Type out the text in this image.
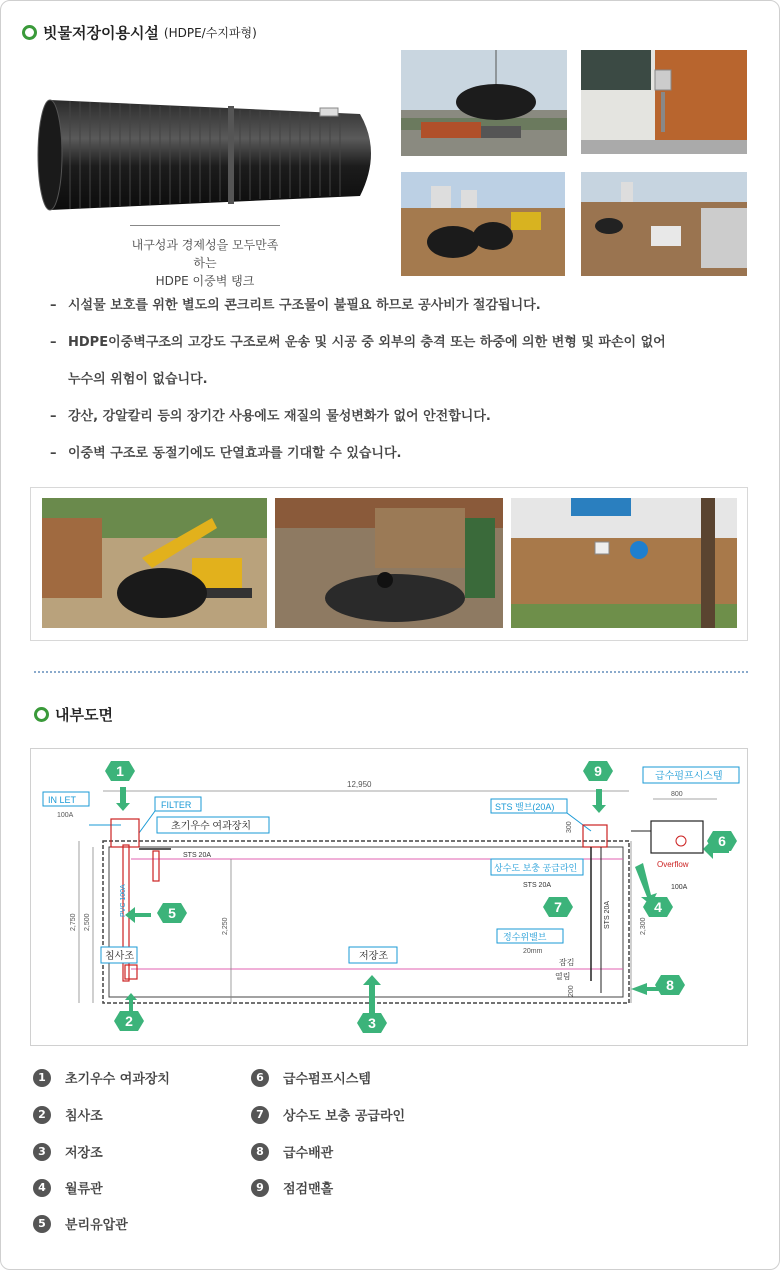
빗물저장이용시설 (HDPE/수지파형)
내구성과 경제성을 모두만족하는
HDPE 이중벽 탱크
– 시설물 보호를 위한 별도의 콘크리트 구조물이 불필요 하므로 공사비가 절감됩니다.
– HDPE이중벽구조의 고강도 구조로써 운송 및 시공 중 외부의 충격 또는 하중에 의한 변형 및 파손이 없어
누수의 위험이 없습니다.
– 강산, 강알칼리 등의 장기간 사용에도 재질의 물성변화가 없어 안전합니다.
– 이중벽 구조로 동절기에도 단열효과를 기대할 수 있습니다.
내부도면
12,950
IN LET
100A
FILTER
초기우수 여과장치
STS 20A
PVC 100A
2,750 2,500	2,250
침사조	저장조
STS 밸브(20A)
300
상수도 보충 공급라인
STS 20A
STS 20A
정수위밸브
20mm
잠김
열림
200
2,300
급수펌프시스템
800
Overflow
100A
1
2	3
4
5
6
7
8
9
1	초기우수 여과장치
2	침사조
3	저장조
4	월류관
5	분리유압관
6	급수펌프시스템
7	상수도 보충 공급라인
8	급수배관
9	점검맨홀
